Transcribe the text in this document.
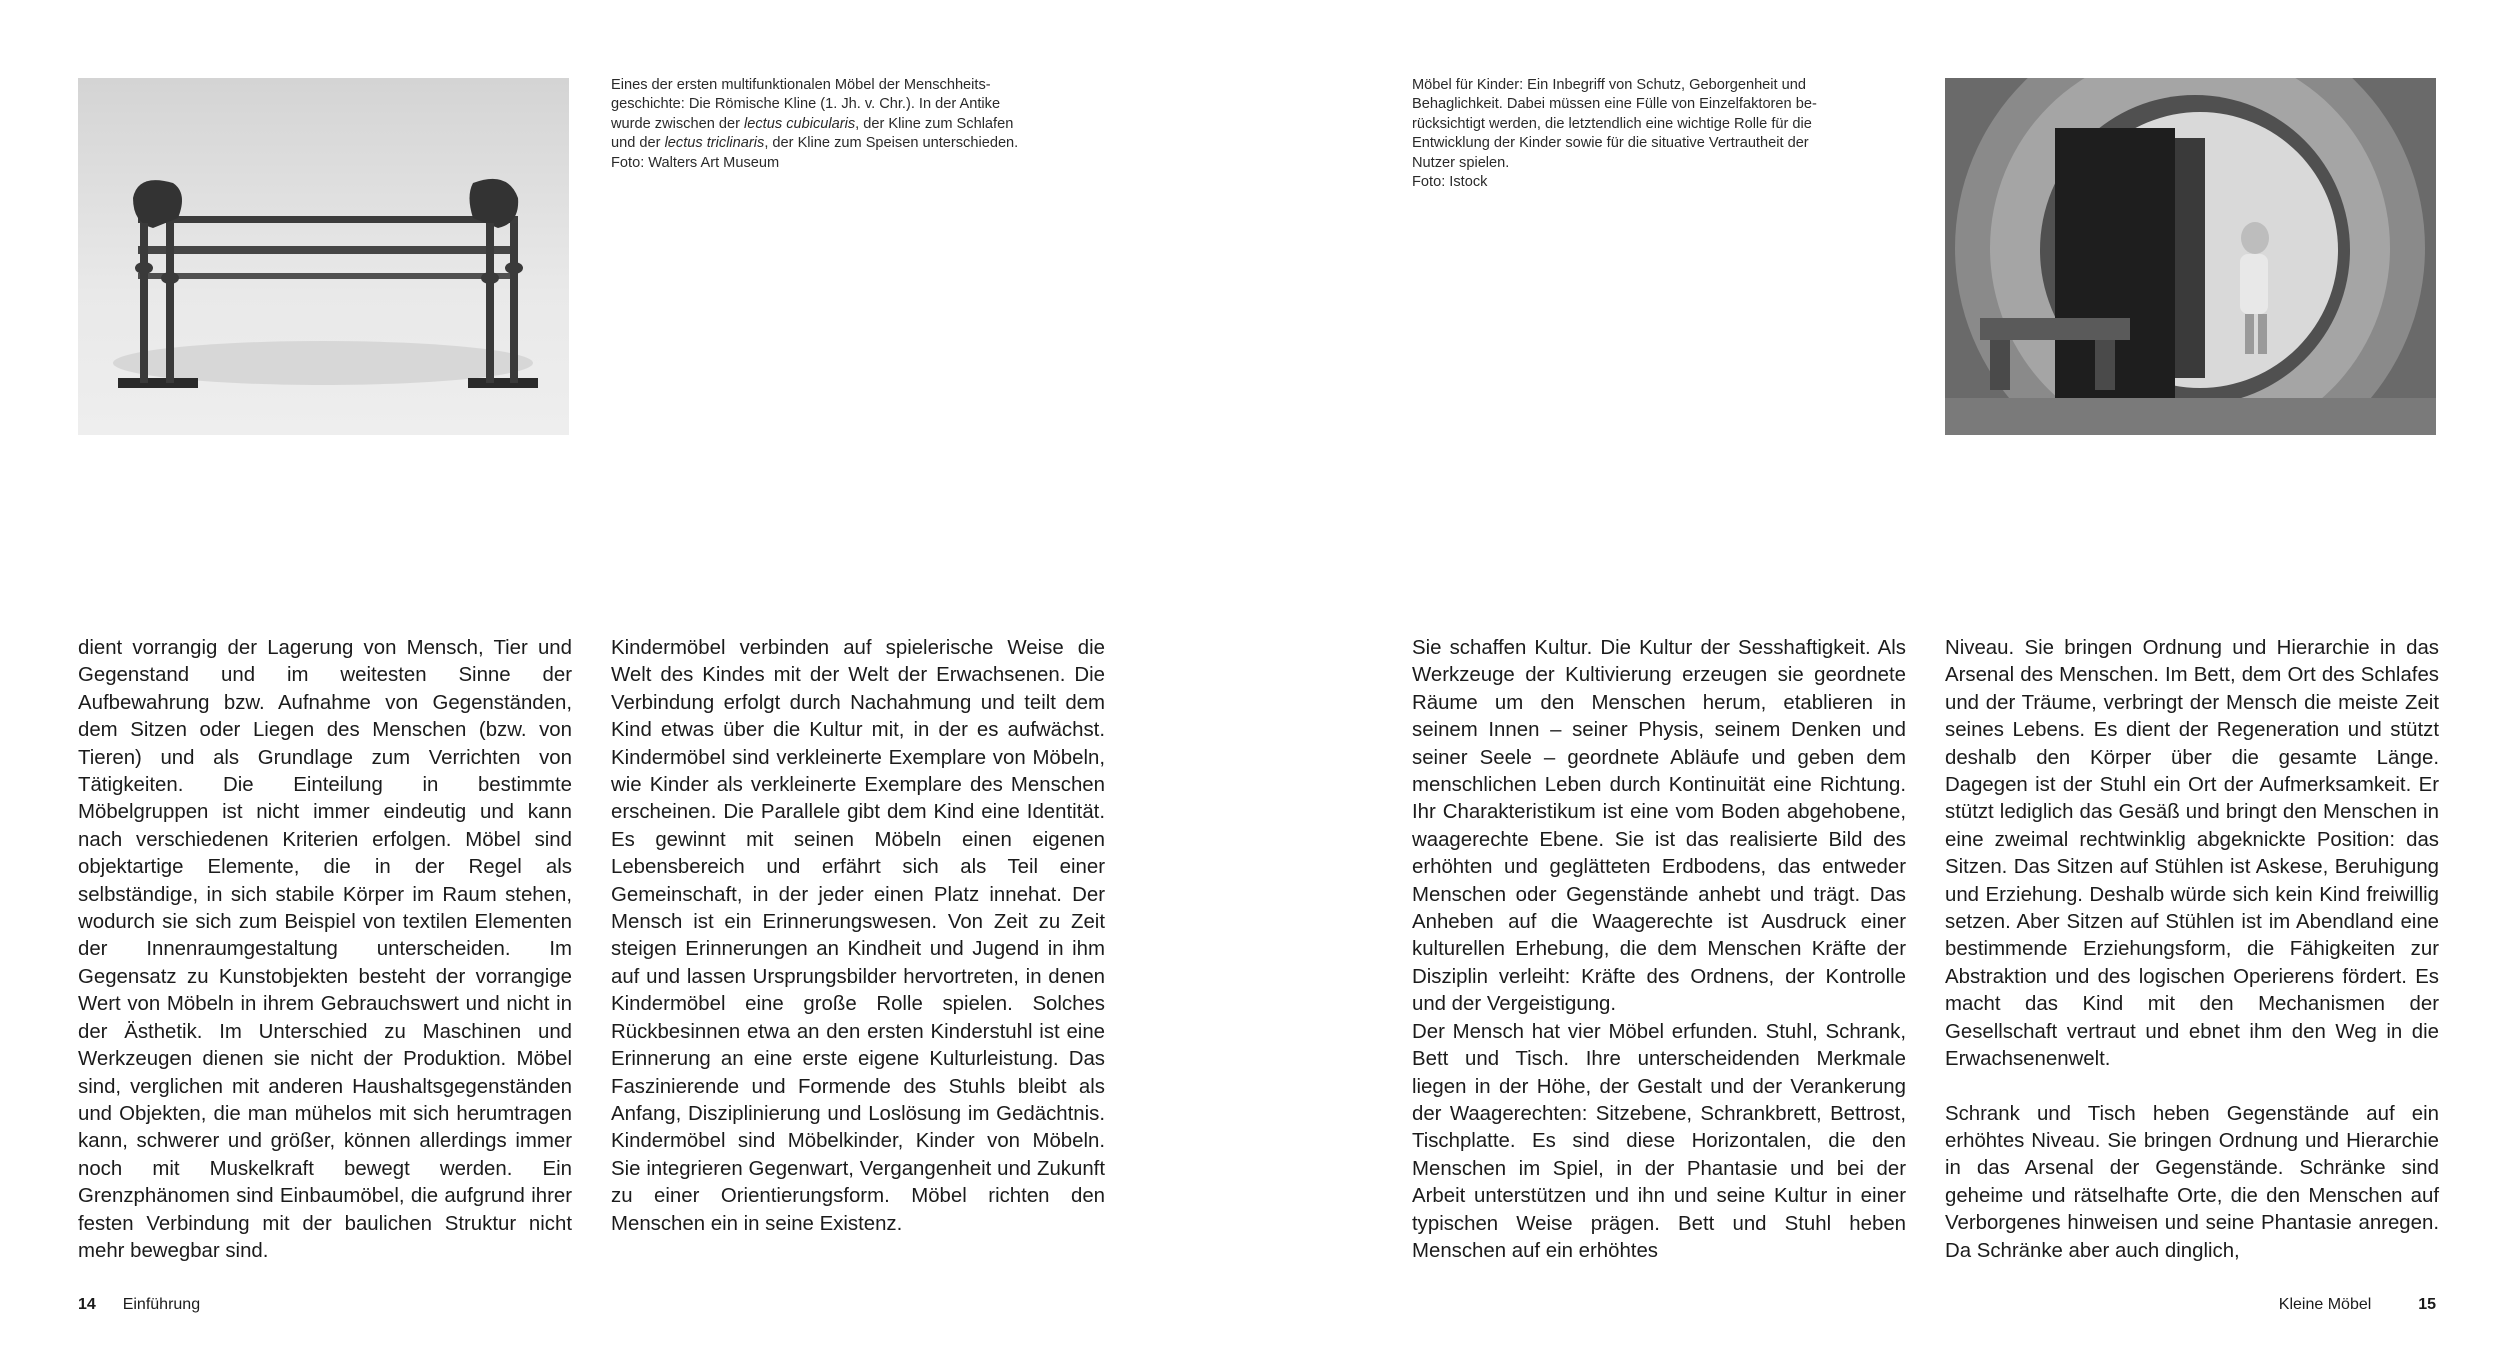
Eines der ersten multifunktionalen Möbel der Menschheits-
geschichte: Die Römische Kline (1. Jh. v. Chr.). In der Antike
wurde zwischen der lectus cubicularis, der Kline zum Schlafen
und der lectus triclinaris, der Kline zum Speisen unterschieden.
Foto: Walters Art Museum

dient vorrangig der Lagerung von Mensch, Tier und Gegenstand und im weitesten Sinne der Aufbewahrung bzw. Aufnahme von Gegenständen, dem Sitzen oder Liegen des Menschen (bzw. von Tieren) und als Grundlage zum Verrichten von Tätigkeiten. Die Einteilung in bestimmte Möbelgruppen ist nicht immer eindeutig und kann nach verschiedenen Kriterien erfolgen. Möbel sind objektartige Elemente, die in der Regel als selbständige, in sich stabile Körper im Raum stehen, wodurch sie sich zum Beispiel von textilen Elementen der Innenraumgestaltung unterscheiden. Im Gegensatz zu Kunstobjekten besteht der vorrangige Wert von Möbeln in ihrem Gebrauchswert und nicht in der Ästhetik. Im Unterschied zu Maschinen und Werkzeugen dienen sie nicht der Produktion. Möbel sind, verglichen mit anderen Haushaltsgegenständen und Objekten, die man mühelos mit sich herumtragen kann, schwerer und größer, können allerdings immer noch mit Muskelkraft bewegt werden. Ein Grenzphänomen sind Einbaumöbel, die aufgrund ihrer festen Verbindung mit der baulichen Struktur nicht mehr bewegbar sind.

Kindermöbel verbinden auf spielerische Weise die Welt des Kindes mit der Welt der Erwachsenen. Die Verbindung erfolgt durch Nachahmung und teilt dem Kind etwas über die Kultur mit, in der es aufwächst. Kindermöbel sind verkleinerte Exemplare von Möbeln, wie Kinder als verkleinerte Exemplare des Menschen erscheinen. Die Parallele gibt dem Kind eine Identität. Es gewinnt mit seinen Möbeln einen eigenen Lebensbereich und erfährt sich als Teil einer Gemeinschaft, in der jeder einen Platz innehat. Der Mensch ist ein Erinnerungswesen. Von Zeit zu Zeit steigen Erinnerungen an Kindheit und Jugend in ihm auf und lassen Ursprungsbilder hervortreten, in denen Kindermöbel eine große Rolle spielen. Solches Rückbesinnen etwa an den ersten Kinderstuhl ist eine Erinnerung an eine erste eigene Kulturleistung. Das Faszinierende und Formende des Stuhls bleibt als Anfang, Disziplinierung und Loslösung im Gedächtnis. Kindermöbel sind Möbelkinder, Kinder von Möbeln. Sie integrieren Gegenwart, Vergangenheit und Zukunft zu einer Orientierungsform. Möbel richten den Menschen ein in seine Existenz.

14 Einführung
Möbel für Kinder: Ein Inbegriff von Schutz, Geborgenheit und
Behaglichkeit. Dabei müssen eine Fülle von Einzelfaktoren be-
rücksichtigt werden, die letztendlich eine wichtige Rolle für die
Entwicklung der Kinder sowie für die situative Vertrautheit der
Nutzer spielen.
Foto: Istock

Sie schaffen Kultur. Die Kultur der Sesshaftigkeit. Als Werkzeuge der Kultivierung erzeugen sie geordnete Räume um den Menschen herum, etablieren in seinem Innen – seiner Physis, seinem Denken und seiner Seele – geordnete Abläufe und geben dem menschlichen Leben durch Kontinuität eine Richtung. Ihr Charakteristikum ist eine vom Boden abgehobene, waagerechte Ebene. Sie ist das realisierte Bild des erhöhten und geglätteten Erdbodens, das entweder Menschen oder Gegenstände anhebt und trägt. Das Anheben auf die Waagerechte ist Ausdruck einer kulturellen Erhebung, die dem Menschen Kräfte der Disziplin verleiht: Kräfte des Ordnens, der Kontrolle und der Vergeistigung.

Der Mensch hat vier Möbel erfunden. Stuhl, Schrank, Bett und Tisch. Ihre unterscheidenden Merkmale liegen in der Höhe, der Gestalt und der Verankerung der Waagerechten: Sitzebene, Schrankbrett, Bettrost, Tischplatte. Es sind diese Horizontalen, die den Menschen im Spiel, in der Phantasie und bei der Arbeit unterstützen und ihn und seine Kultur in einer typischen Weise prägen. Bett und Stuhl heben Menschen auf ein erhöhtes

Niveau. Sie bringen Ordnung und Hierarchie in das Arsenal des Menschen. Im Bett, dem Ort des Schlafes und der Träume, verbringt der Mensch die meiste Zeit seines Lebens. Es dient der Regeneration und stützt deshalb den Körper über die gesamte Länge. Dagegen ist der Stuhl ein Ort der Aufmerksamkeit. Er stützt lediglich das Gesäß und bringt den Menschen in eine zweimal rechtwinklig abgeknickte Position: das Sitzen. Das Sitzen auf Stühlen ist Askese, Beruhigung und Erziehung. Deshalb würde sich kein Kind freiwillig setzen. Aber Sitzen auf Stühlen ist im Abendland eine bestimmende Erziehungsform, die Fähigkeiten zur Abstraktion und des logischen Operierens fördert. Es macht das Kind mit den Mechanismen der Gesellschaft vertraut und ebnet ihm den Weg in die Erwachsenenwelt.

Schrank und Tisch heben Gegenstände auf ein erhöhtes Niveau. Sie bringen Ordnung und Hierarchie in das Arsenal der Gegenstände. Schränke sind geheime und rätselhafte Orte, die den Menschen auf Verborgenes hinweisen und seine Phantasie anregen. Da Schränke aber auch dinglich,

Kleine Möbel	15
